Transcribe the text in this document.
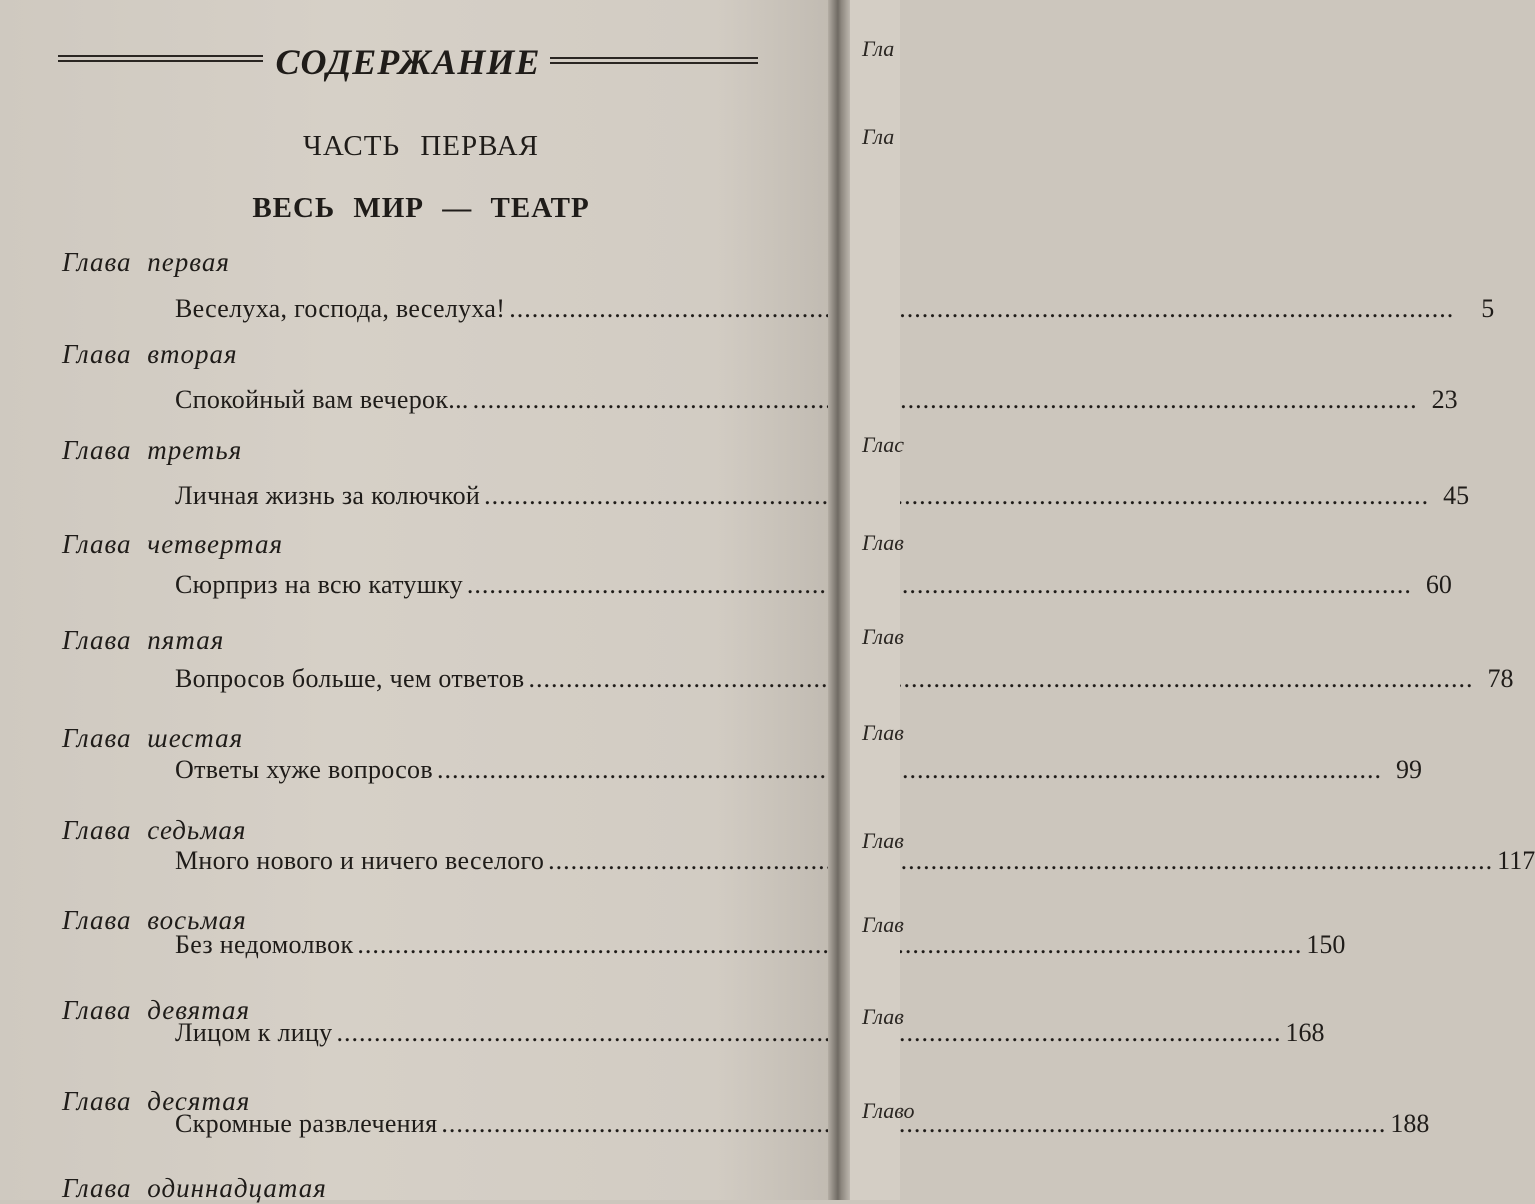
СОДЕРЖАНИЕ
ЧАСТЬ ПЕРВАЯ
ВЕСЬ МИР — ТЕАТР
Глава первая
Веселуха, господа, веселуха! .....	5
Глава вторая
Спокойный вам вечерок... .....	23
Глава третья
Личная жизнь за колючкой .....	45
Глава четвертая
Сюрприз на всю катушку .....	60
Глава пятая
Вопросов больше, чем ответов .....	78
Глава шестая
Ответы хуже вопросов .....	99
Глава седьмая
Много нового и ничего веселого .....	117
Глава восьмая
Без недомолвок .....	150
Глава девятая
Лицом к лицу .....	168
Глава десятая
Скромные развлечения .....	188
Глава одиннадцатая
Гла
Гла
Глас
Глав
Глав
Глав
Глав
Глав
Глав
Главо
